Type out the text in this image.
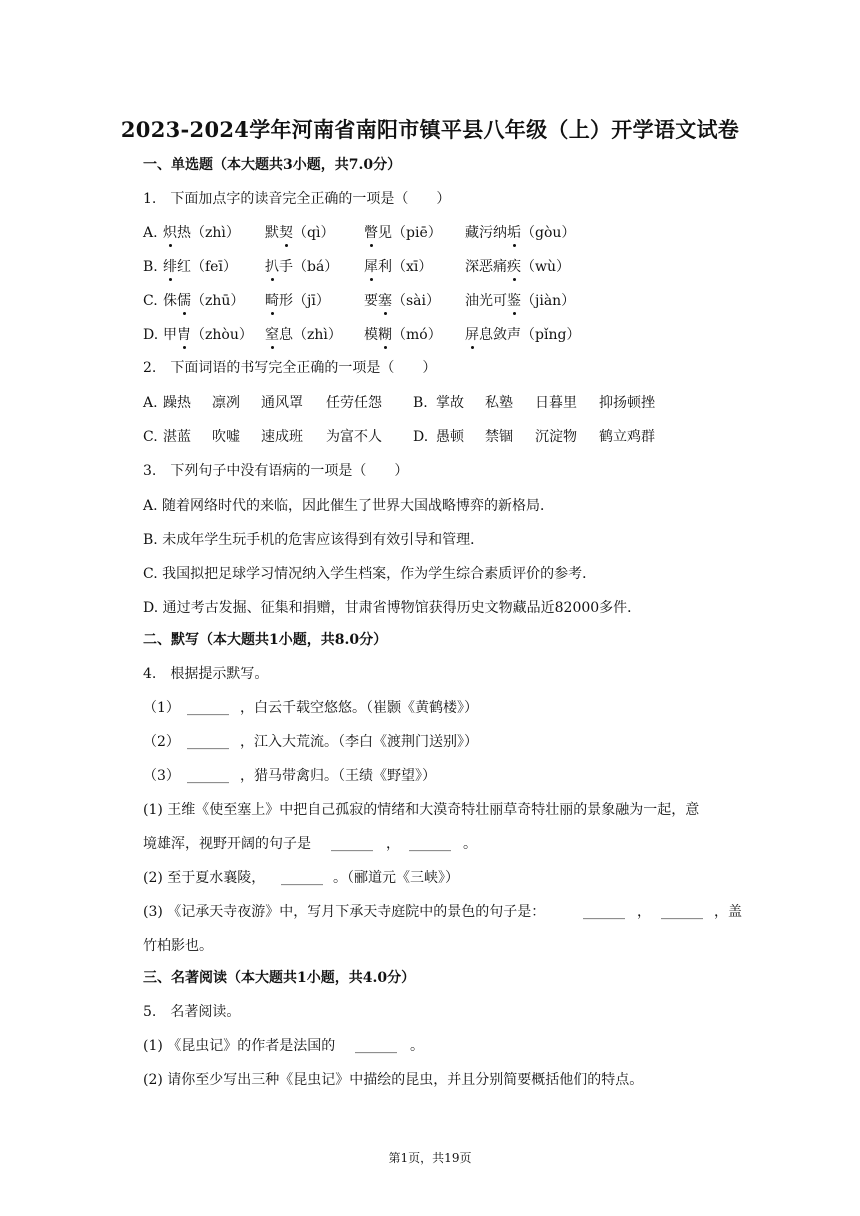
2023-2024学年河南省南阳市镇平县八年级（上）开学语文试卷
一、单选题（本大题共3小题，共7.0分）
1.　下面加点字的读音完全正确的一项是（　　）
A. 炽热（zhì） 默契（qì） 瞥见（piē） 藏污纳垢（gòu）
B. 绯红（feī） 扒手（bá） 犀利（xī） 深恶痛疾（wù）
C. 侏儒（zhū） 畸形（jī） 要塞（sài） 油光可鉴（jiàn）
D. 甲胄（zhòu） 窒息（zhì） 模糊（mó） 屏息敛声（pǐng）
2.　下面词语的书写完全正确的一项是（　　）
A. 躁热 凛冽 通风罩 任劳任怨 B. 掌故 私塾 日暮里 抑扬顿挫
C. 湛蓝 吹嘘 速成班 为富不人 D. 愚顿 禁锢 沉淀物 鹤立鸡群
3.　下列句子中没有语病的一项是（　　）
A. 随着网络时代的来临，因此催生了世界大国战略博弈的新格局．
B. 未成年学生玩手机的危害应该得到有效引导和管理．
C. 我国拟把足球学习情况纳入学生档案，作为学生综合素质评价的参考．
D. 通过考古发掘、征集和捐赠，甘肃省博物馆获得历史文物藏品近82000多件．
二、默写（本大题共1小题，共8.0分）
4.　根据提示默写。
（1） ______ ，白云千载空悠悠。（崔颢《黄鹤楼》）
（2） ______ ，江入大荒流。（李白《渡荆门送别》）
（3） ______ ，猎马带禽归。（王绩《野望》）
(1) 王维《使至塞上》中把自己孤寂的情绪和大漠奇特壮丽草奇特壮丽的景象融为一起，意
境雄浑，视野开阔的句子是 ______ ， ______ 。
(2) 至于夏水襄陵， ______ 。（郦道元《三峡》）
(3) 《记承天寺夜游》中，写月下承天寺庭院中的景色的句子是：	______ ， ______ ，盖
竹柏影也。
三、名著阅读（本大题共1小题，共4.0分）
5.　名著阅读。
(1) 《昆虫记》的作者是法国的 ______ 。
(2) 请你至少写出三种《昆虫记》中描绘的昆虫，并且分别简要概括他们的特点。
第1页，共19页
